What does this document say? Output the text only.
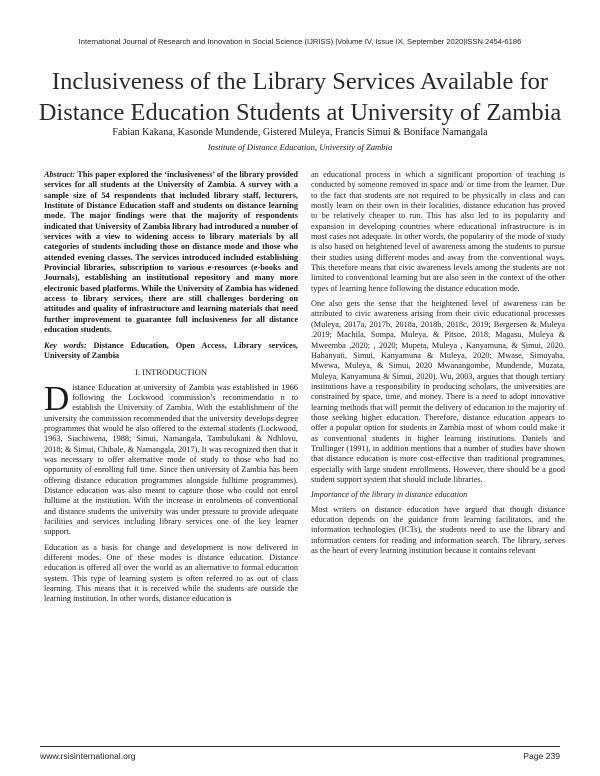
International Journal of Research and Innovation in Social Science (IJRISS) |Volume IV, Issue IX, September 2020|ISSN 2454-6186
Inclusiveness of the Library Services Available for Distance Education Students at University of Zambia
Fabian Kakana, Kasonde Mundende, Gistered Muleya, Francis Simui & Boniface Namangala
Institute of Distance Education, University of Zambia

Abstract: This paper explored the ‘inclusiveness’ of the library provided services for all students at the University of Zambia. A survey with a sample size of 54 respondents that included library staff, lecturers, Institute of Distance Education staff and students on distance learning mode. The major findings were that the majority of respondents indicated that University of Zambia library had introduced a number of services with a view to widening access to library materials by all categories of students including those on distance mode and those who attended evening classes. The services introduced included establishing Provincial libraries, subscription to various e-resources (e-books and Journals), establishing an institutional repository and many more electronic based platforms. While the University of Zambia has widened access to library services, there are still challenges bordering on attitudes and quality of infrastructure and learning materials that need further improvement to guarantee full inclusiveness for all distance education students.

Key words: Distance Education, Open Access, Library services, University of Zambia

I. INTRODUCTION

Distance Education at university of Zambia was established in 1966 following the Lockwood commission’s recommendatio n to establish the University of Zambia. With the establishment of the university the commission recommended that the university develops degree programmes that would be also offered to the external students (Lockwood, 1963, Siachiwena, 1988; Simui, Namangala, Tambulukani & Ndhlovu, 2018; & Simui, Chibale, & Namangala, 2017). It was recognized then that it was necessary to offer alternative mode of study to those who had no opportunity of enrolling full time. Since then university of Zambia has been offering distance education programmes alongside fulltime programmes). Distance education was also meant to capture those who could not enrol fulltime at the institution. With the increase in enrolments of conventional and distance students the university was under pressure to provide adequate facilities and services including library services one of the key learner support.

Education as a basis for change and development is now delivered in different modes. One of these modes is distance education. Distance education is offered all over the world as an alternative to formal education system. This type of learning system is often referred to as out of class learning. This means that it is received while the students are outside the learning institution. In other words, distance education is

an educational process in which a significant proportion of teaching is conducted by someone removed in space and/ or time from the learner. Due to the fact that students are not required to be physically in class and can mostly learn on their own in their localities, distance education has proved to be relatively cheaper to run. This has also led to its popularity and expansion in developing countries where educational infrastructure is in most cases not adequate. In other words, the popularity of the mode of study is also based on heightened level of awareness among the students to pursue their studies using different modes and away from the conventional ways. This therefore means that civic awareness levels among the students are not limited to conventional learning but are also seen in the context of the other types of learning hence following the distance education mode.

One also gets the sense that the heightened level of awareness can be attributed to civic awareness arising from their civic educational processes (Muleya, 2017a, 2017b, 2018a, 2018b, 2018c, 2019; Bergersen & Muleya .2019; Machila, Sompa, Muleya, & Pitsoe, 2018; Magasu, Muleya & Mweemba ,2020; , 2020; Mupeta, Muleya , Kanyamuna, & Simui, 2020. Habanyati, Simui, Kanyamuna & Muleya, 2020; Mwase, Simuyaba, Mwewa, Muleya, & Simui, 2020 Mwanangombe, Mundende, Muzata, Muleya, Kanyamuna & Simui, 2020). Wu, 2003, argues that though tertiary institutions have a responsibility in producing scholars, the universities are constrained by space, time, and money. There is a need to adopt innovative learning methods that will permit the delivery of education to the majority of those seeking higher education. Therefore, distance education appears to offer a popular option for students in Zambia most of whom could make it as conventional students in higher learning institutions. Daniels and Trullinger (1991), in addition mentions that a number of studies have shown that distance education is more cost-effective than traditional programmes, especially with large student enrollments. However, there should be a good student support system that should include libraries.

Importance of the library in distance education

Most writers on distance education have argued that though distance education depends on the guidance from learning facilitators, and the information technologies (ICTs), the students need to use the library and information centers for reading and information search. The library, serves as the heart of every learning institution because it contains relevant

www.rsisinternational.org	Page 239
